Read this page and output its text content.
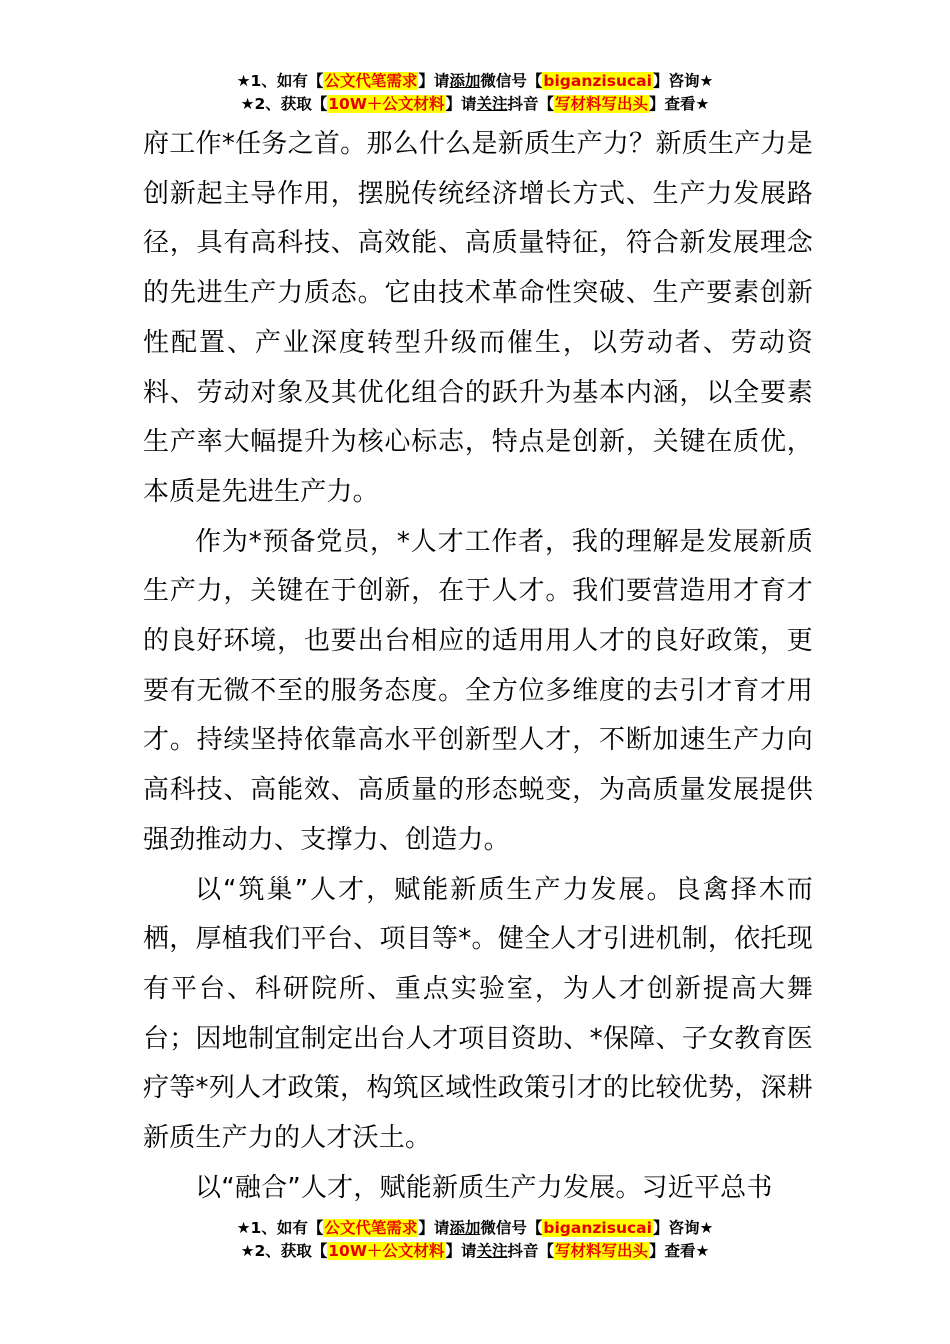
★1、如有【公文代笔需求】请添加微信号【biganzisucai】咨询★
★2、获取【10W＋公文材料】请关注抖音【写材料写出头】查看★

府工作*任务之首。那么什么是新质生产力？新质生产力是创新起主导作用，摆脱传统经济增长方式、生产力发展路径，具有高科技、高效能、高质量特征，符合新发展理念的先进生产力质态。它由技术革命性突破、生产要素创新性配置、产业深度转型升级而催生，以劳动者、劳动资料、劳动对象及其优化组合的跃升为基本内涵，以全要素生产率大幅提升为核心标志，特点是创新，关键在质优，本质是先进生产力。

作为*预备党员，*人才工作者，我的理解是发展新质生产力，关键在于创新，在于人才。我们要营造用才育才的良好环境，也要出台相应的适用用人才的良好政策，更要有无微不至的服务态度。全方位多维度的去引才育才用才。持续坚持依靠高水平创新型人才，不断加速生产力向高科技、高能效、高质量的形态蜕变，为高质量发展提供强劲推动力、支撑力、创造力。

以“筑巢”人才，赋能新质生产力发展。良禽择木而栖，厚植我们平台、项目等*。健全人才引进机制，依托现有平台、科研院所、重点实验室，为人才创新提高大舞台；因地制宜制定出台人才项目资助、*保障、子女教育医疗等*列人才政策，构筑区域性政策引才的比较优势，深耕新质生产力的人才沃土。

以“融合”人才，赋能新质生产力发展。习近平总书

★1、如有【公文代笔需求】请添加微信号【biganzisucai】咨询★
★2、获取【10W＋公文材料】请关注抖音【写材料写出头】查看★
